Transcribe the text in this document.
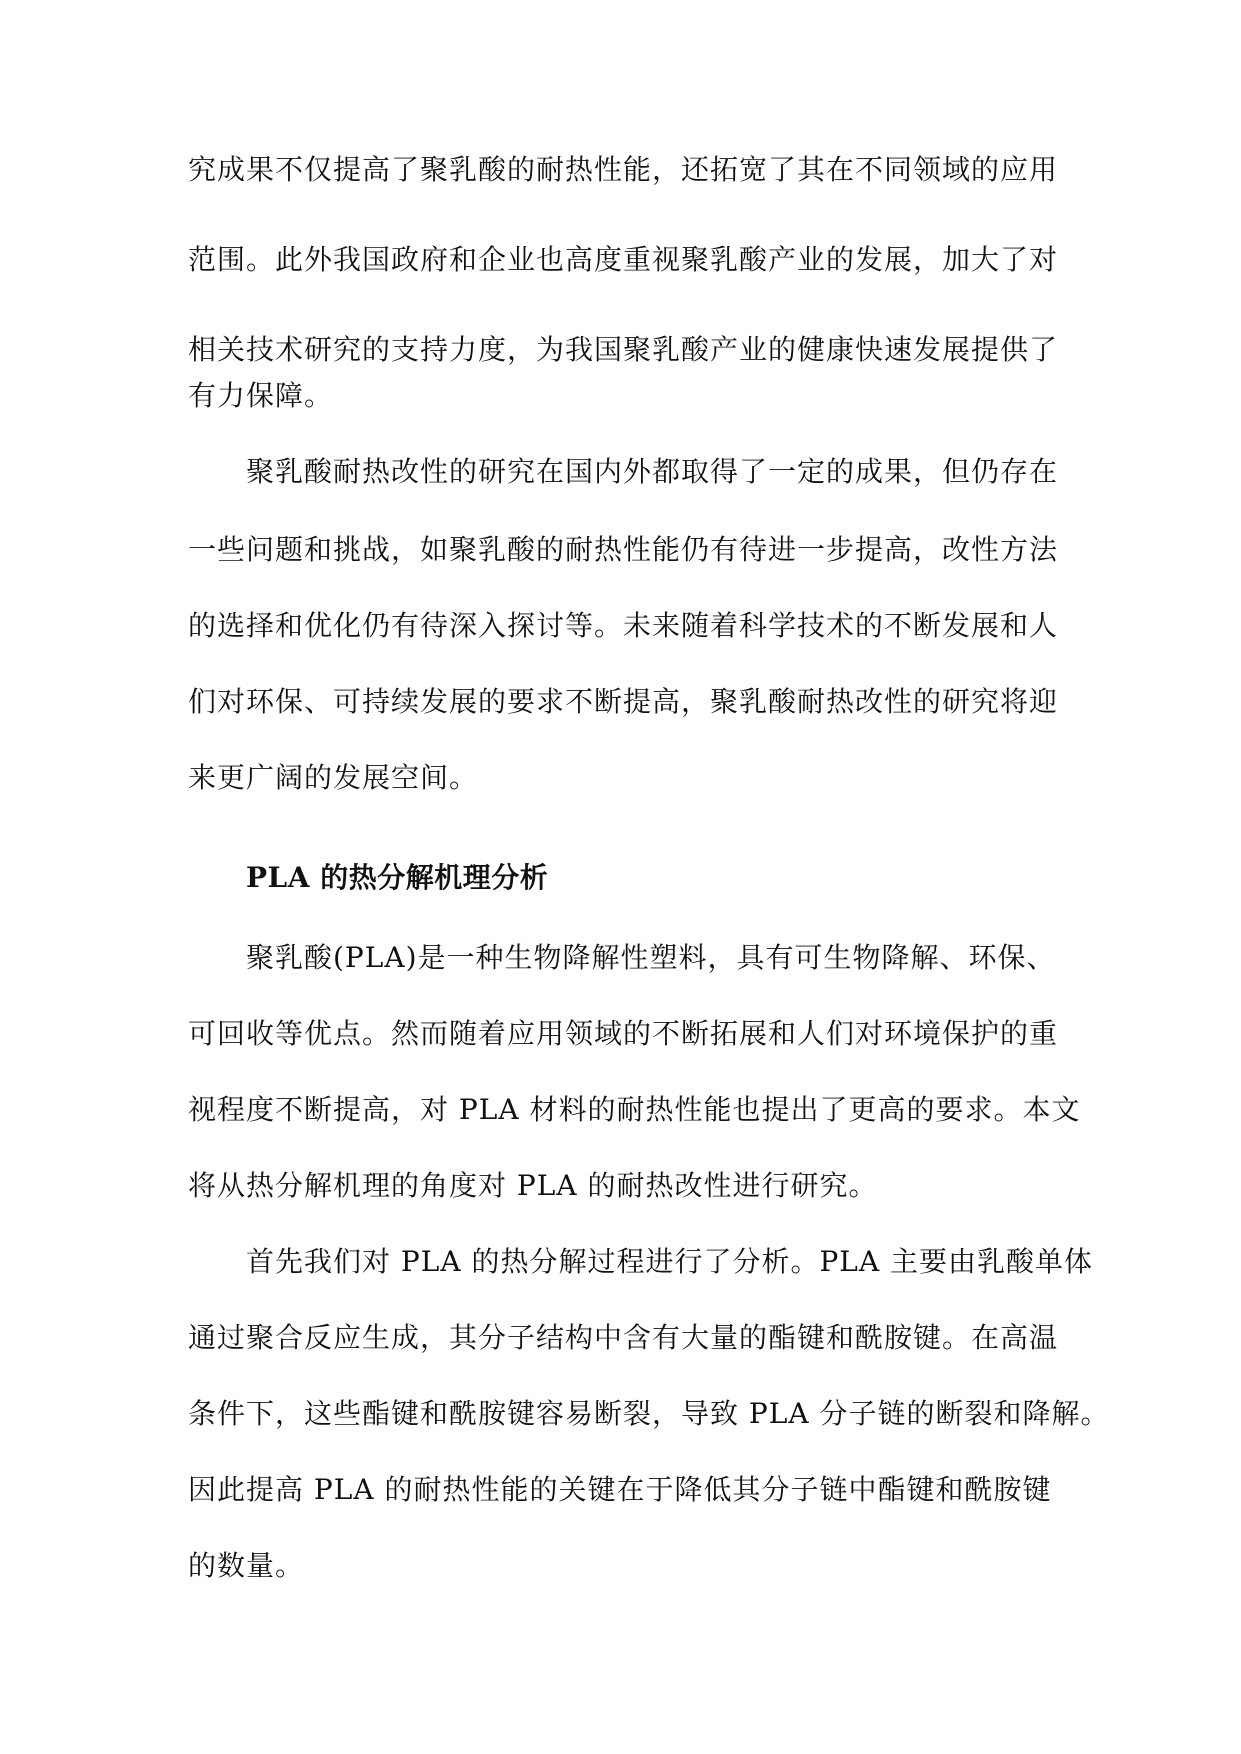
究成果不仅提高了聚乳酸的耐热性能，还拓宽了其在不同领域的应用
范围。此外我国政府和企业也高度重视聚乳酸产业的发展，加大了对
相关技术研究的支持力度，为我国聚乳酸产业的健康快速发展提供了
有力保障。
聚乳酸耐热改性的研究在国内外都取得了一定的成果，但仍存在
一些问题和挑战，如聚乳酸的耐热性能仍有待进一步提高，改性方法
的选择和优化仍有待深入探讨等。未来随着科学技术的不断发展和人
们对环保、可持续发展的要求不断提高，聚乳酸耐热改性的研究将迎
来更广阔的发展空间。
PLA 的热分解机理分析
聚乳酸(PLA)是一种生物降解性塑料，具有可生物降解、环保、
可回收等优点。然而随着应用领域的不断拓展和人们对环境保护的重
视程度不断提高，对 PLA 材料的耐热性能也提出了更高的要求。本文
将从热分解机理的角度对 PLA 的耐热改性进行研究。
首先我们对 PLA 的热分解过程进行了分析。PLA 主要由乳酸单体
通过聚合反应生成，其分子结构中含有大量的酯键和酰胺键。在高温
条件下，这些酯键和酰胺键容易断裂，导致 PLA 分子链的断裂和降解。
因此提高 PLA 的耐热性能的关键在于降低其分子链中酯键和酰胺键
的数量。
